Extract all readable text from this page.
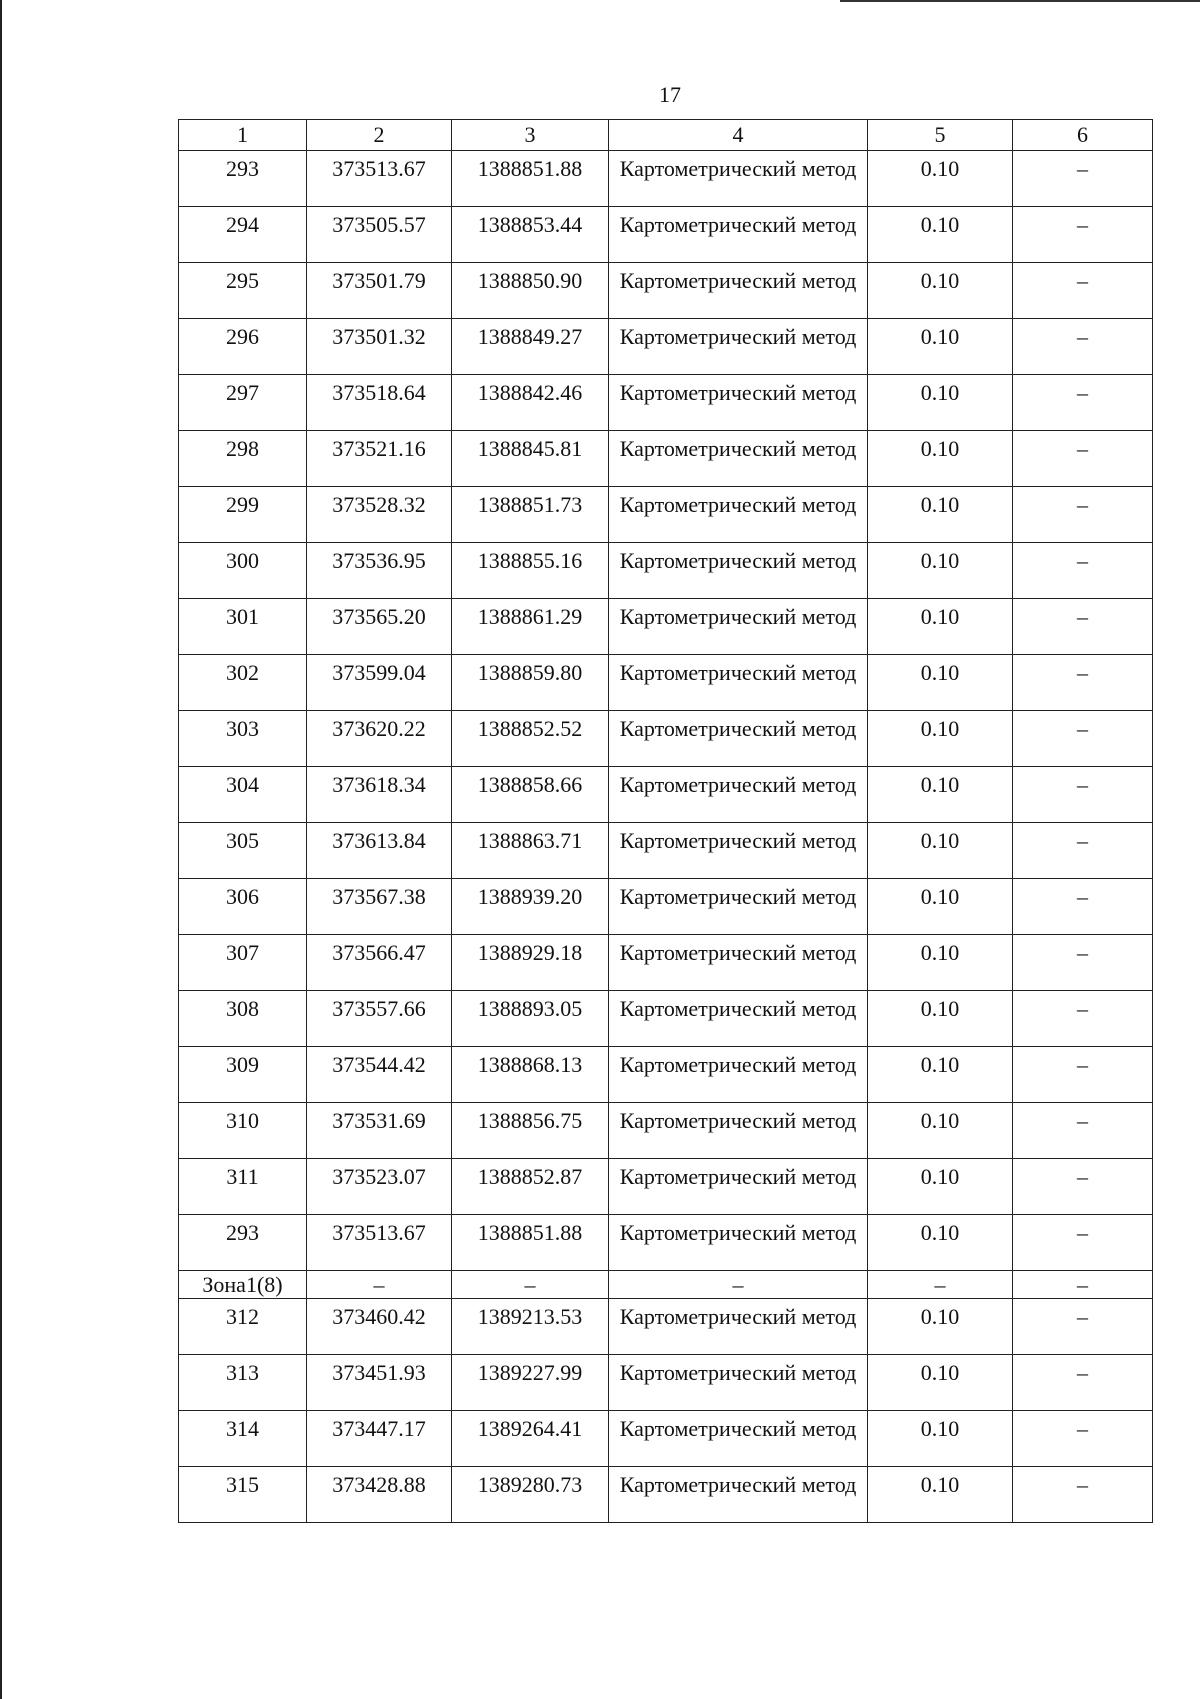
17
1	2	3	4	5	6
293	373513.67	1388851.88	Картометрический метод	0.10	–
294	373505.57	1388853.44	Картометрический метод	0.10	–
295	373501.79	1388850.90	Картометрический метод	0.10	–
296	373501.32	1388849.27	Картометрический метод	0.10	–
297	373518.64	1388842.46	Картометрический метод	0.10	–
298	373521.16	1388845.81	Картометрический метод	0.10	–
299	373528.32	1388851.73	Картометрический метод	0.10	–
300	373536.95	1388855.16	Картометрический метод	0.10	–
301	373565.20	1388861.29	Картометрический метод	0.10	–
302	373599.04	1388859.80	Картометрический метод	0.10	–
303	373620.22	1388852.52	Картометрический метод	0.10	–
304	373618.34	1388858.66	Картометрический метод	0.10	–
305	373613.84	1388863.71	Картометрический метод	0.10	–
306	373567.38	1388939.20	Картометрический метод	0.10	–
307	373566.47	1388929.18	Картометрический метод	0.10	–
308	373557.66	1388893.05	Картометрический метод	0.10	–
309	373544.42	1388868.13	Картометрический метод	0.10	–
310	373531.69	1388856.75	Картометрический метод	0.10	–
311	373523.07	1388852.87	Картометрический метод	0.10	–
293	373513.67	1388851.88	Картометрический метод	0.10	–
Зона1(8)	–	–	–	–	–
312	373460.42	1389213.53	Картометрический метод	0.10	–
313	373451.93	1389227.99	Картометрический метод	0.10	–
314	373447.17	1389264.41	Картометрический метод	0.10	–
315	373428.88	1389280.73	Картометрический метод	0.10	–
